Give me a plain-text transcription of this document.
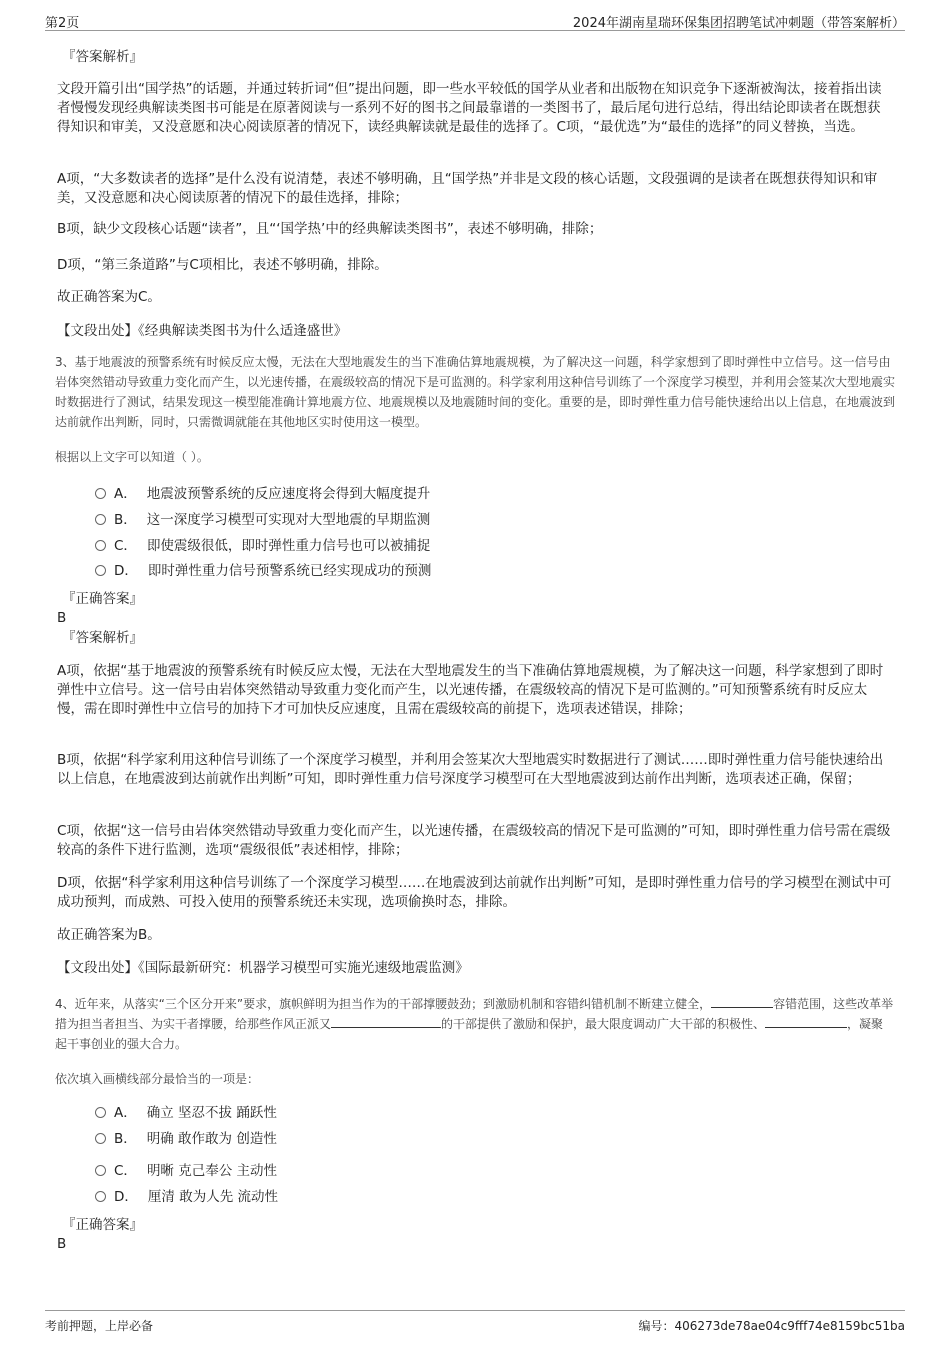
第2页	2024年湖南星瑞环保集团招聘笔试冲刺题（带答案解析）
『答案解析』

文段开篇引出“国学热”的话题，并通过转折词“但”提出问题，即一些水平较低的国学从业者和出版物在知识竞争下逐渐被淘汰，接着指出读者慢慢发现经典解读类图书可能是在原著阅读与一系列不好的图书之间最靠谱的一类图书了，最后尾句进行总结，得出结论即读者在既想获得知识和审美，又没意愿和决心阅读原著的情况下，读经典解读就是最佳的选择了。C项，“最优选”为“最佳的选择”的同义替换，当选。

A项，“大多数读者的选择”是什么没有说清楚，表述不够明确，且“国学热”并非是文段的核心话题，文段强调的是读者在既想获得知识和审美，又没意愿和决心阅读原著的情况下的最佳选择，排除；

B项，缺少文段核心话题“读者”，且“‘国学热’中的经典解读类图书”，表述不够明确，排除；

D项，“第三条道路”与C项相比，表述不够明确，排除。

故正确答案为C。

【文段出处】《经典解读类图书为什么适逢盛世》

3、基于地震波的预警系统有时候反应太慢，无法在大型地震发生的当下准确估算地震规模，为了解决这一问题，科学家想到了即时弹性中立信号。这一信号由岩体突然错动导致重力变化而产生，以光速传播，在震级较高的情况下是可监测的。科学家利用这种信号训练了一个深度学习模型，并利用会签某次大型地震实时数据进行了测试，结果发现这一模型能准确计算地震方位、地震规模以及地震随时间的变化。重要的是，即时弹性重力信号能快速给出以上信息，在地震波到达前就作出判断，同时，只需微调就能在其他地区实时使用这一模型。
根据以上文字可以知道（ ）。
A． 地震波预警系统的反应速度将会得到大幅度提升
B． 这一深度学习模型可实现对大型地震的早期监测
C． 即使震级很低，即时弹性重力信号也可以被捕捉
D． 即时弹性重力信号预警系统已经实现成功的预测
『正确答案』
B
『答案解析』

A项，依据“基于地震波的预警系统有时候反应太慢，无法在大型地震发生的当下准确估算地震规模，为了解决这一问题，科学家想到了即时弹性中立信号。这一信号由岩体突然错动导致重力变化而产生，以光速传播，在震级较高的情况下是可监测的。”可知预警系统有时反应太慢，需在即时弹性中立信号的加持下才可加快反应速度，且需在震级较高的前提下，选项表述错误，排除；

B项，依据“科学家利用这种信号训练了一个深度学习模型，并利用会签某次大型地震实时数据进行了测试……即时弹性重力信号能快速给出以上信息，在地震波到达前就作出判断”可知，即时弹性重力信号深度学习模型可在大型地震波到达前作出判断，选项表述正确，保留；

C项，依据“这一信号由岩体突然错动导致重力变化而产生，以光速传播，在震级较高的情况下是可监测的”可知，即时弹性重力信号需在震级较高的条件下进行监测，选项“震级很低”表述相悖，排除；

D项，依据“科学家利用这种信号训练了一个深度学习模型……在地震波到达前就作出判断”可知，是即时弹性重力信号的学习模型在测试中可成功预判，而成熟、可投入使用的预警系统还未实现，选项偷换时态，排除。

故正确答案为B。

【文段出处】《国际最新研究：机器学习模型可实施光速级地震监测》

4、近年来，从落实“三个区分开来”要求，旗帜鲜明为担当作为的干部撑腰鼓劲；到激励机制和容错纠错机制不断建立健全，	容错范围，这些改革举措为担当者担当、为实干者撑腰，给那些作风正派又	的干部提供了激励和保护，最大限度调动广大干部的积极性、	，凝聚起干事创业的强大合力。
依次填入画横线部分最恰当的一项是：
A． 确立 坚忍不拔 踊跃性
B． 明确 敢作敢为 创造性
C． 明晰 克己奉公 主动性
D． 厘清 敢为人先 流动性
『正确答案』
B
考前押题，上岸必备	编号：406273de78ae04c9fff74e8159bc51ba
